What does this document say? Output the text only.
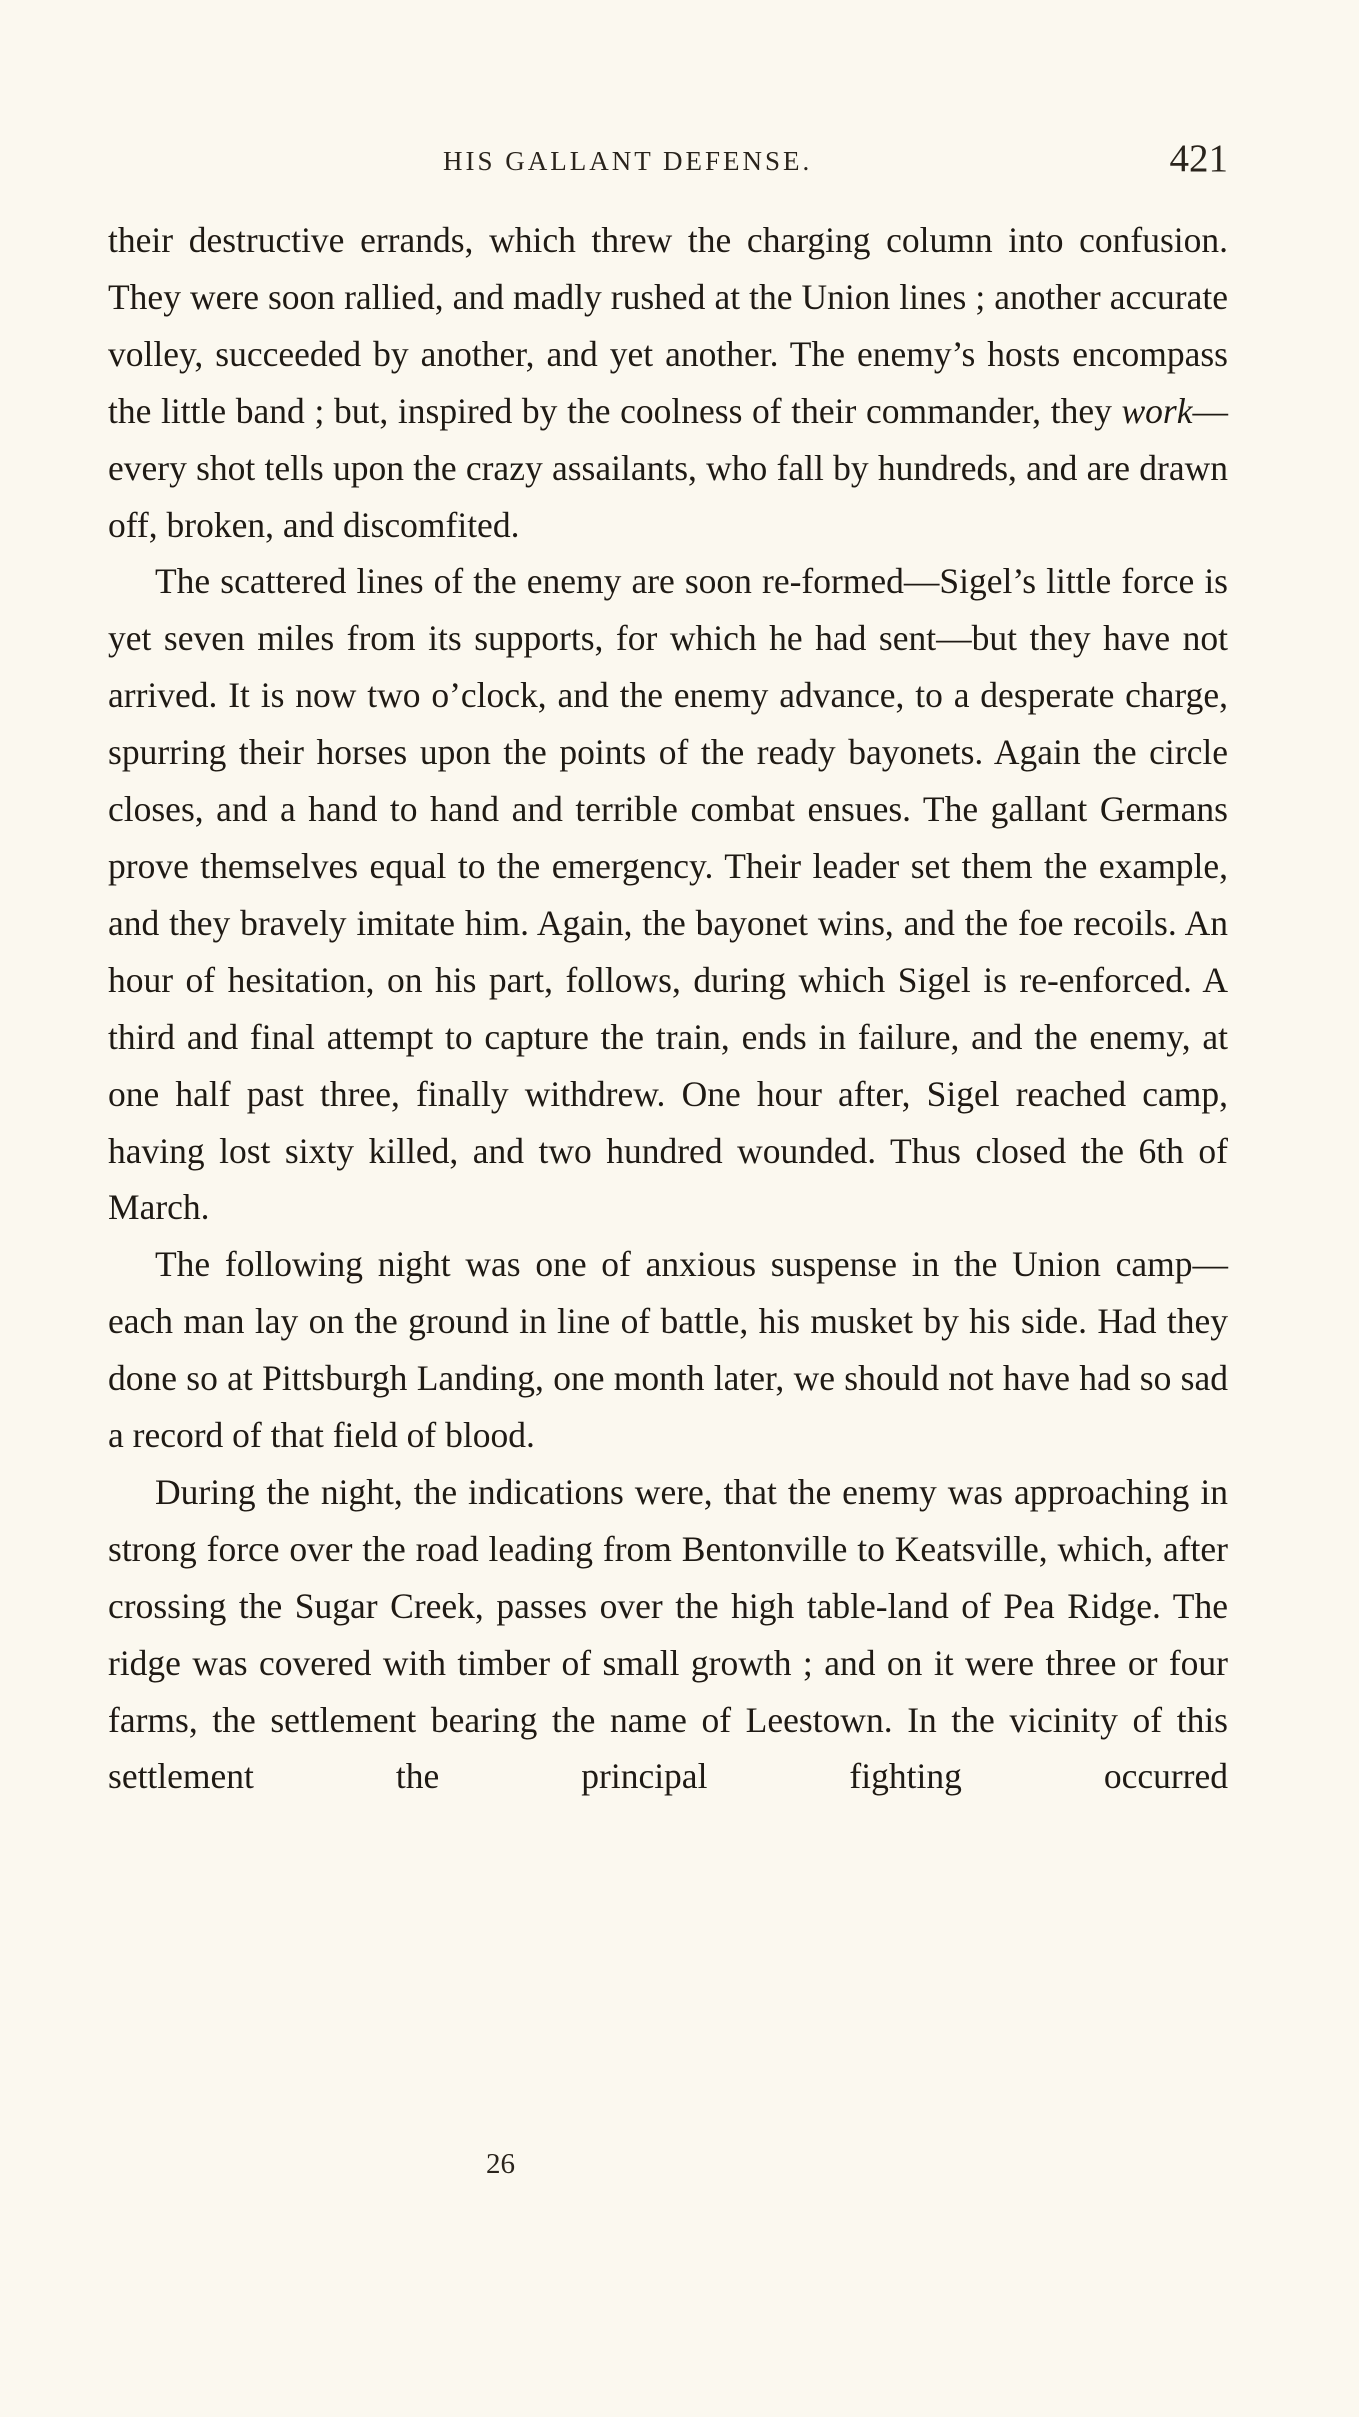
HIS GALLANT DEFENSE.	421

their destructive errands, which threw the charging column into confusion. They were soon rallied, and madly rushed at the Union lines ; another accurate volley, succeeded by another, and yet another. The enemy’s hosts encompass the little band ; but, inspired by the coolness of their commander, they work—every shot tells upon the crazy assailants, who fall by hundreds, and are drawn off, broken, and discomfited.

The scattered lines of the enemy are soon re-formed—Sigel’s little force is yet seven miles from its supports, for which he had sent—but they have not arrived. It is now two o’clock, and the enemy advance, to a desperate charge, spurring their horses upon the points of the ready bayonets. Again the circle closes, and a hand to hand and terrible combat ensues. The gallant Germans prove themselves equal to the emergency. Their leader set them the example, and they bravely imitate him. Again, the bayonet wins, and the foe recoils. An hour of hesitation, on his part, follows, during which Sigel is re-enforced. A third and final attempt to capture the train, ends in failure, and the enemy, at one half past three, finally withdrew. One hour after, Sigel reached camp, having lost sixty killed, and two hundred wounded. Thus closed the 6th of March.

The following night was one of anxious suspense in the Union camp—each man lay on the ground in line of battle, his musket by his side. Had they done so at Pittsburgh Landing, one month later, we should not have had so sad a record of that field of blood.

During the night, the indications were, that the enemy was approaching in strong force over the road leading from Bentonville to Keatsville, which, after crossing the Sugar Creek, passes over the high table-land of Pea Ridge. The ridge was covered with timber of small growth ; and on it were three or four farms, the settlement bearing the name of Leestown. In the vicinity of this settlement the principal fighting occurred

26
